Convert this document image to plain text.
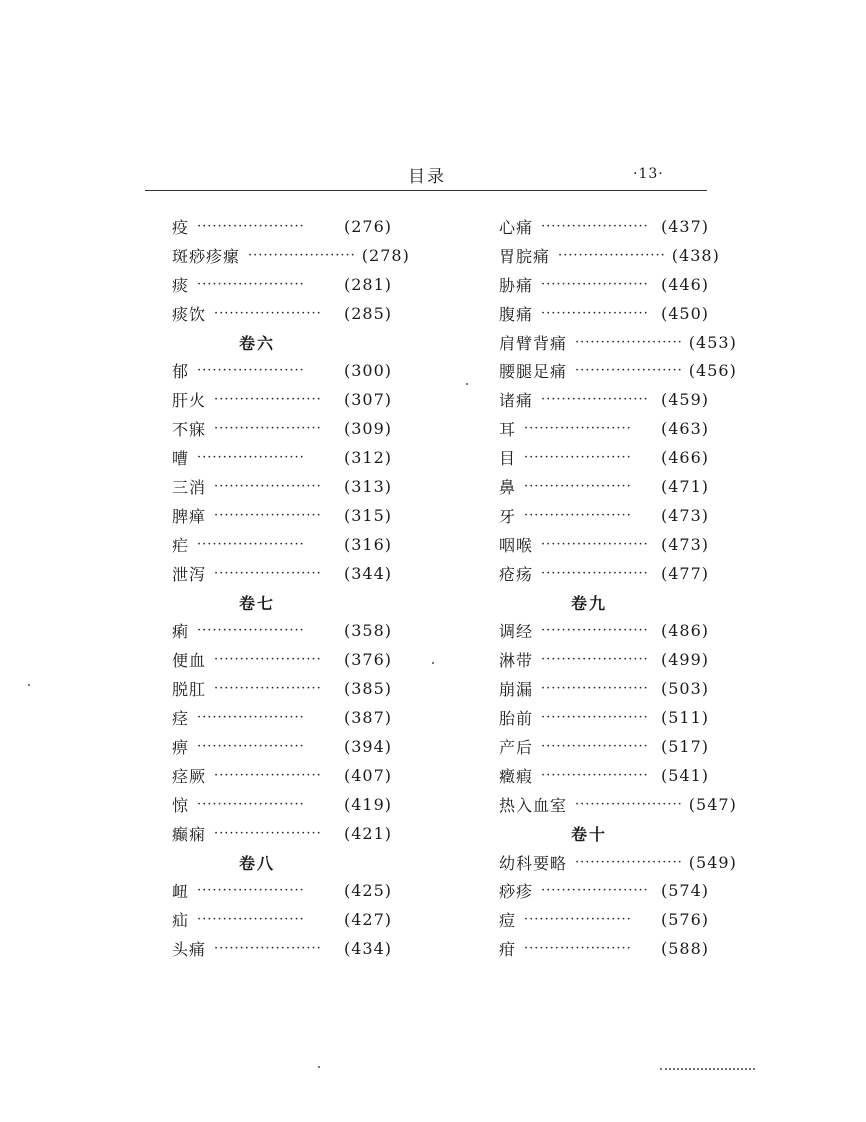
目录	·13·
疫 ·····················	(276)
斑痧疹瘰 ····················· (278)
痰 ·····················	(281)
痰饮 ·····················	(285)
卷六
郁 ·····················	(300)
肝火 ·····················	(307)
不寐 ·····················	(309)
嘈 ·····················	(312)
三消 ·····················	(313)
脾瘅 ·····················	(315)
疟 ·····················	(316)
泄泻 ·····················	(344)
卷七
痢 ·····················	(358)
便血 ·····················	(376)
脱肛 ·····················	(385)
痉 ·····················	(387)
痹 ·····················	(394)
痉厥 ·····················	(407)
惊 ·····················	(419)
癫痫 ·····················	(421)
卷八
衄 ·····················	(425)
疝 ·····················	(427)
头痛 ·····················	(434)
心痛 ····················· (437)
胃脘痛 ····················· (438)
胁痛 ····················· (446)
腹痛 ····················· (450)
肩臂背痛 ····················· (453)
腰腿足痛 ····················· (456)
诸痛 ····················· (459)
耳 ·····················	(463)
目 ·····················	(466)
鼻 ·····················	(471)
牙 ·····················	(473)
咽喉 ····················· (473)
疮疡 ····················· (477)
卷九
调经 ····················· (486)
淋带 ····················· (499)
崩漏 ····················· (503)
胎前 ····················· (511)
产后 ····················· (517)
癥瘕 ····················· (541)
热入血室 ····················· (547)
卷十
幼科要略 ····················· (549)
痧疹 ····················· (574)
痘 ·····················	(576)
疳 ·····················	(588)
